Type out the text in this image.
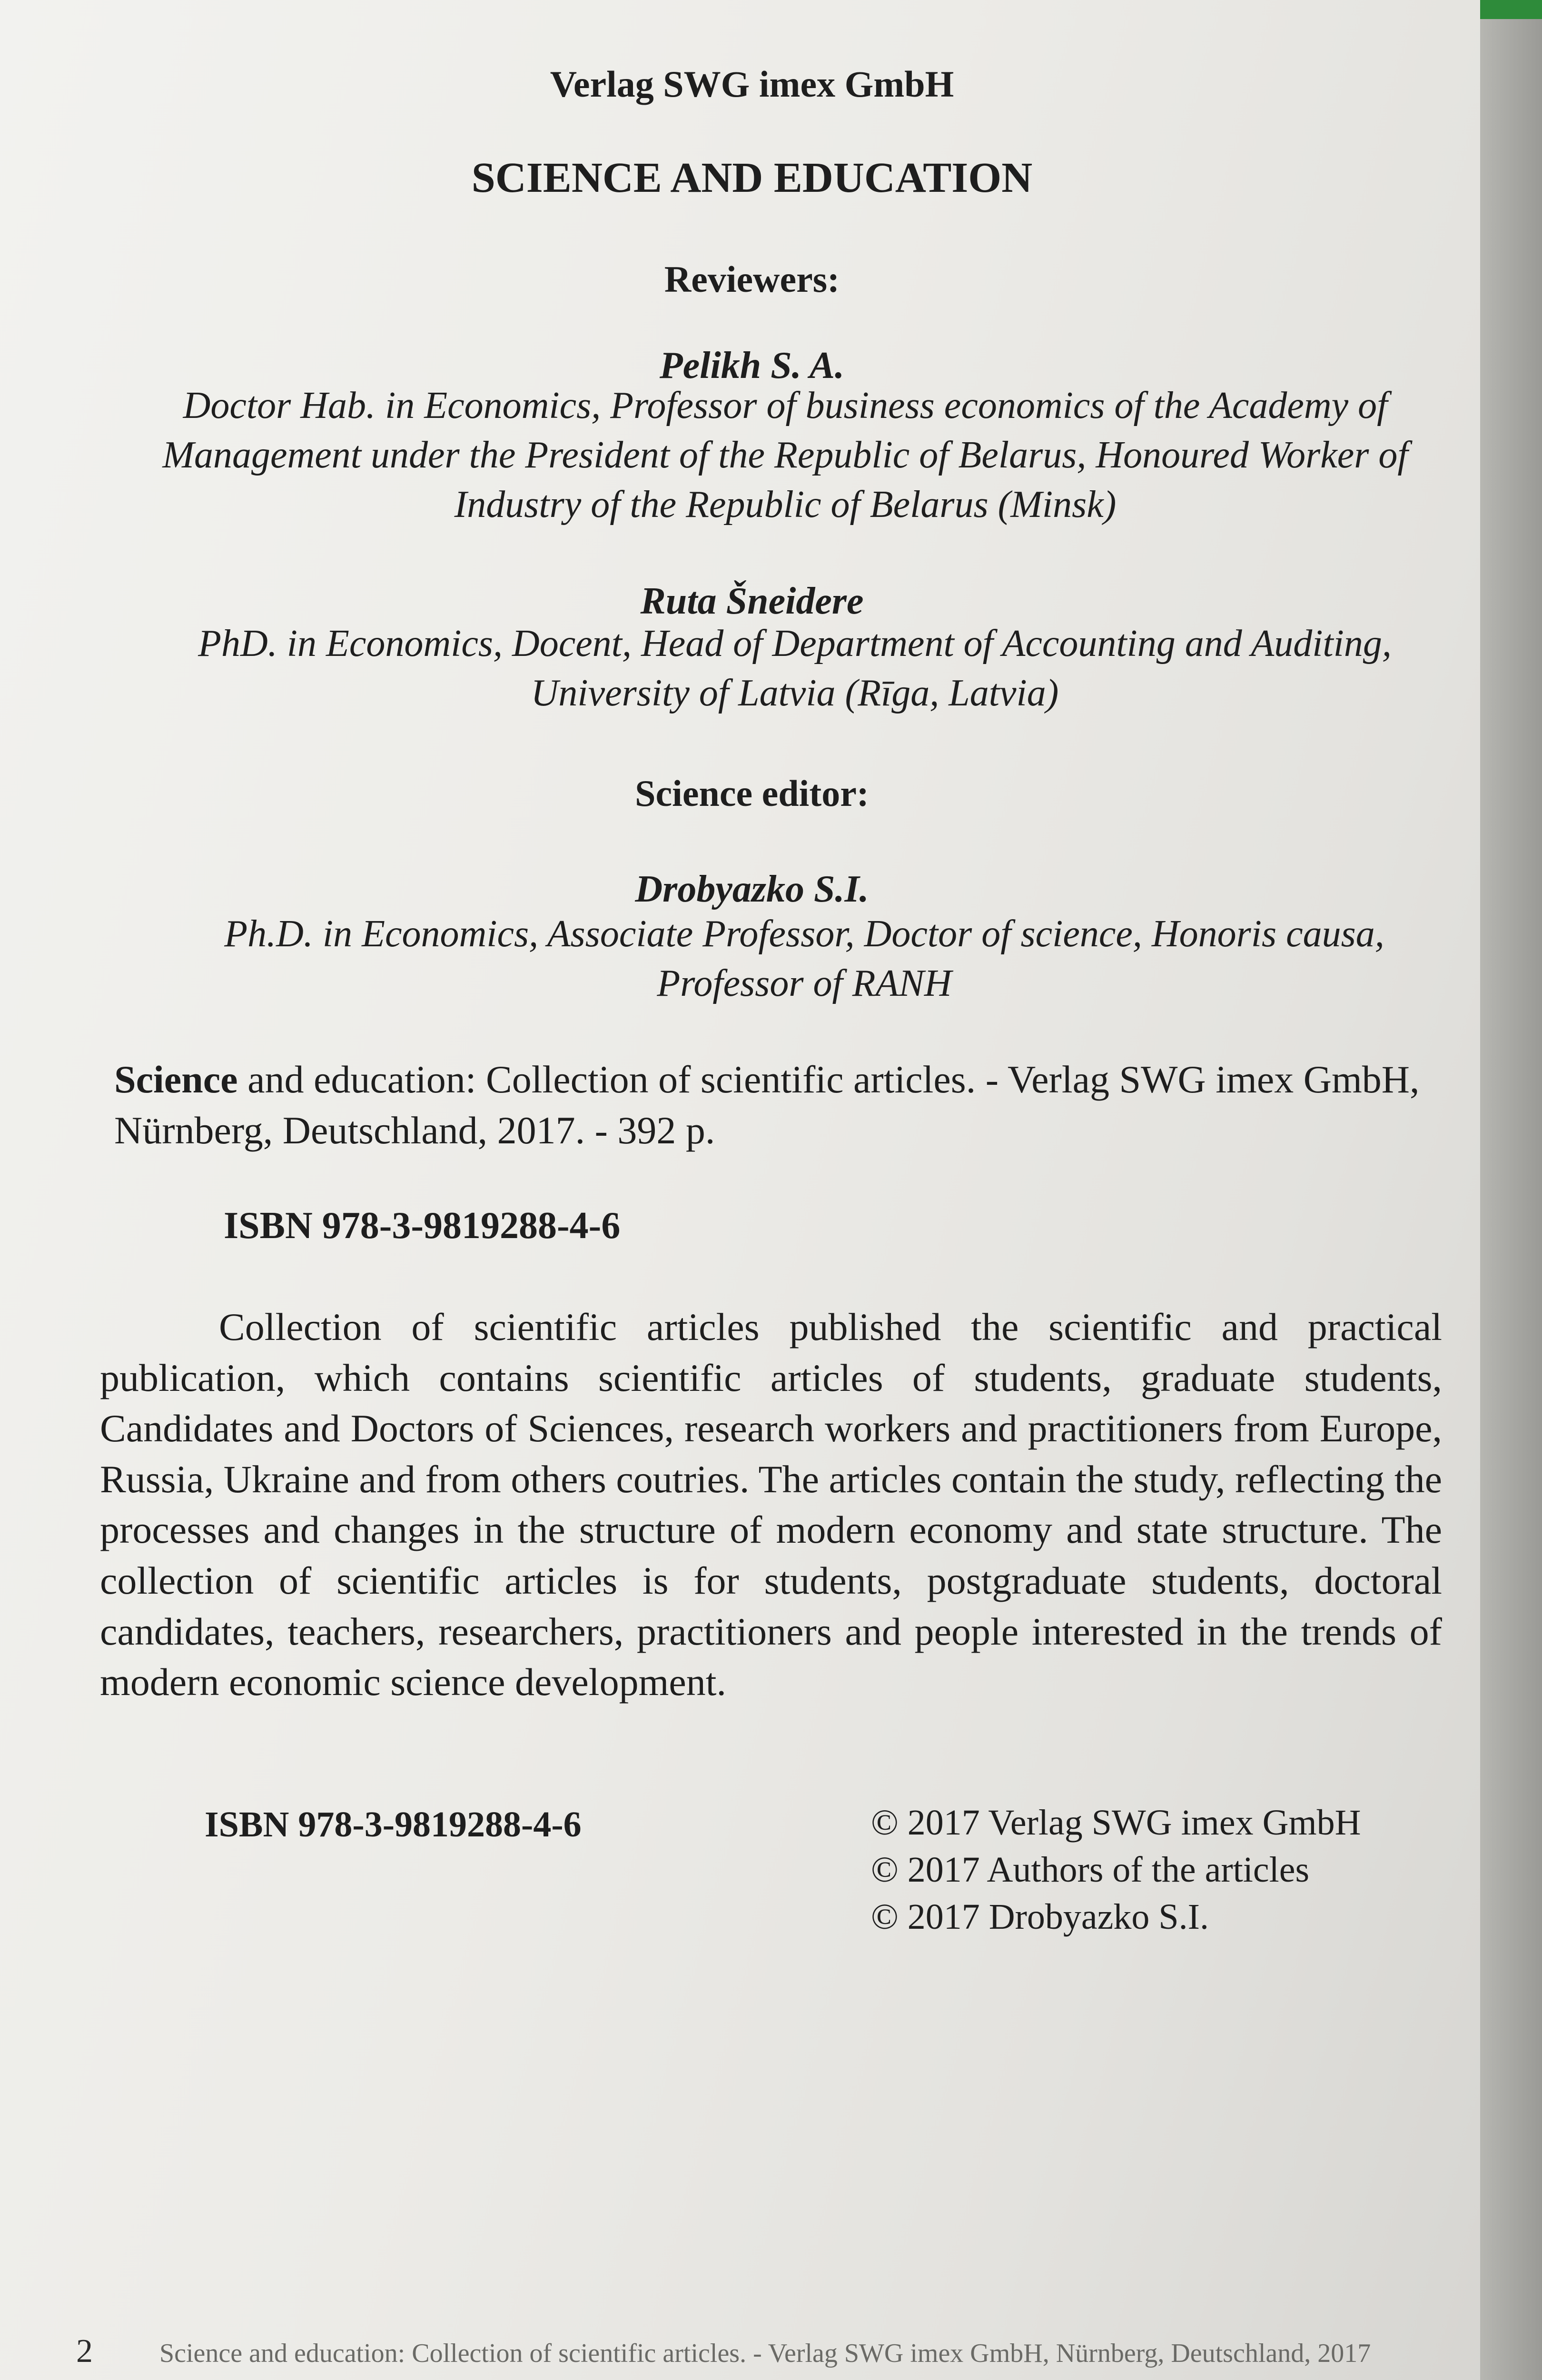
Verlag SWG imex GmbH
SCIENCE AND EDUCATION
Reviewers:
Pelikh S. A.
Doctor Hab. in Economics, Professor of business economics of the Academy of Management under the President of the Republic of Belarus, Honoured Worker of Industry of the Republic of Belarus (Minsk)
Ruta Šneidere
PhD. in Economics, Docent, Head of Department of Accounting and Auditing, University of Latvia (Rīga, Latvia)
Science editor:
Drobyazko S.I.
Ph.D. in Economics, Associate Professor, Doctor of science, Honoris causa, Professor of RANH
Science and education: Collection of scientific articles. - Verlag SWG imex GmbH, Nürnberg, Deutschland, 2017. - 392 p.
ISBN 978-3-9819288-4-6
Collection of scientific articles published the scientific and practical publication, which contains scientific articles of students, graduate students, Candidates and Doctors of Sciences, research workers and practitioners from Europe, Russia, Ukraine and from others coutries. The articles contain the study, reflecting the processes and changes in the structure of modern economy and state structure. The collection of scientific articles is for students, postgraduate students, doctoral candidates, teachers, researchers, practitioners and people interested in the trends of modern economic science development.
ISBN 978-3-9819288-4-6	© 2017 Verlag SWG imex GmbH
© 2017 Authors of the articles
© 2017 Drobyazko S.I.
2	Science and education: Collection of scientific articles. - Verlag SWG imex GmbH, Nürnberg, Deutschland, 2017
